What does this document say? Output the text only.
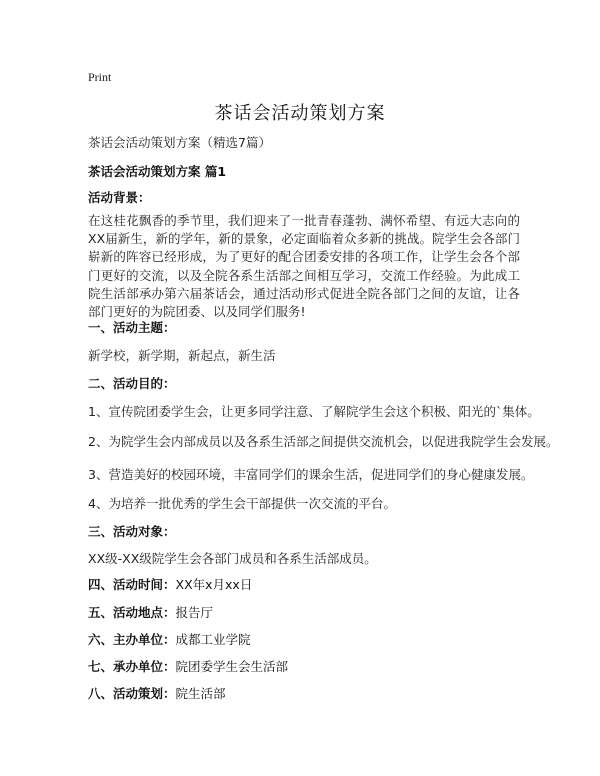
Print
茶话会活动策划方案
茶话会活动策划方案（精选7篇）
茶话会活动策划方案 篇1
活动背景：
在这桂花飘香的季节里，我们迎来了一批青春蓬勃、满怀希望、有远大志向的XX届新生，新的学年，新的景象，必定面临着众多新的挑战。院学生会各部门崭新的阵容已经形成，为了更好的配合团委安排的各项工作，让学生会各个部门更好的交流，以及全院各系生活部之间相互学习，交流工作经验。为此成工院生活部承办第六届茶话会，通过活动形式促进全院各部门之间的友谊，让各部门更好的为院团委、以及同学们服务!
一、活动主题：
新学校，新学期，新起点，新生活
二、活动目的：
1、宣传院团委学生会，让更多同学注意、了解院学生会这个积极、阳光的`集体。
2、为院学生会内部成员以及各系生活部之间提供交流机会，以促进我院学生会发展。
3、营造美好的校园环境，丰富同学们的课余生活，促进同学们的身心健康发展。
4、为培养一批优秀的学生会干部提供一次交流的平台。
三、活动对象：
XX级-XX级院学生会各部门成员和各系生活部成员。
四、活动时间：XX年x月xx日
五、活动地点：报告厅
六、主办单位：成都工业学院
七、承办单位：院团委学生会生活部
八、活动策划：院生活部
